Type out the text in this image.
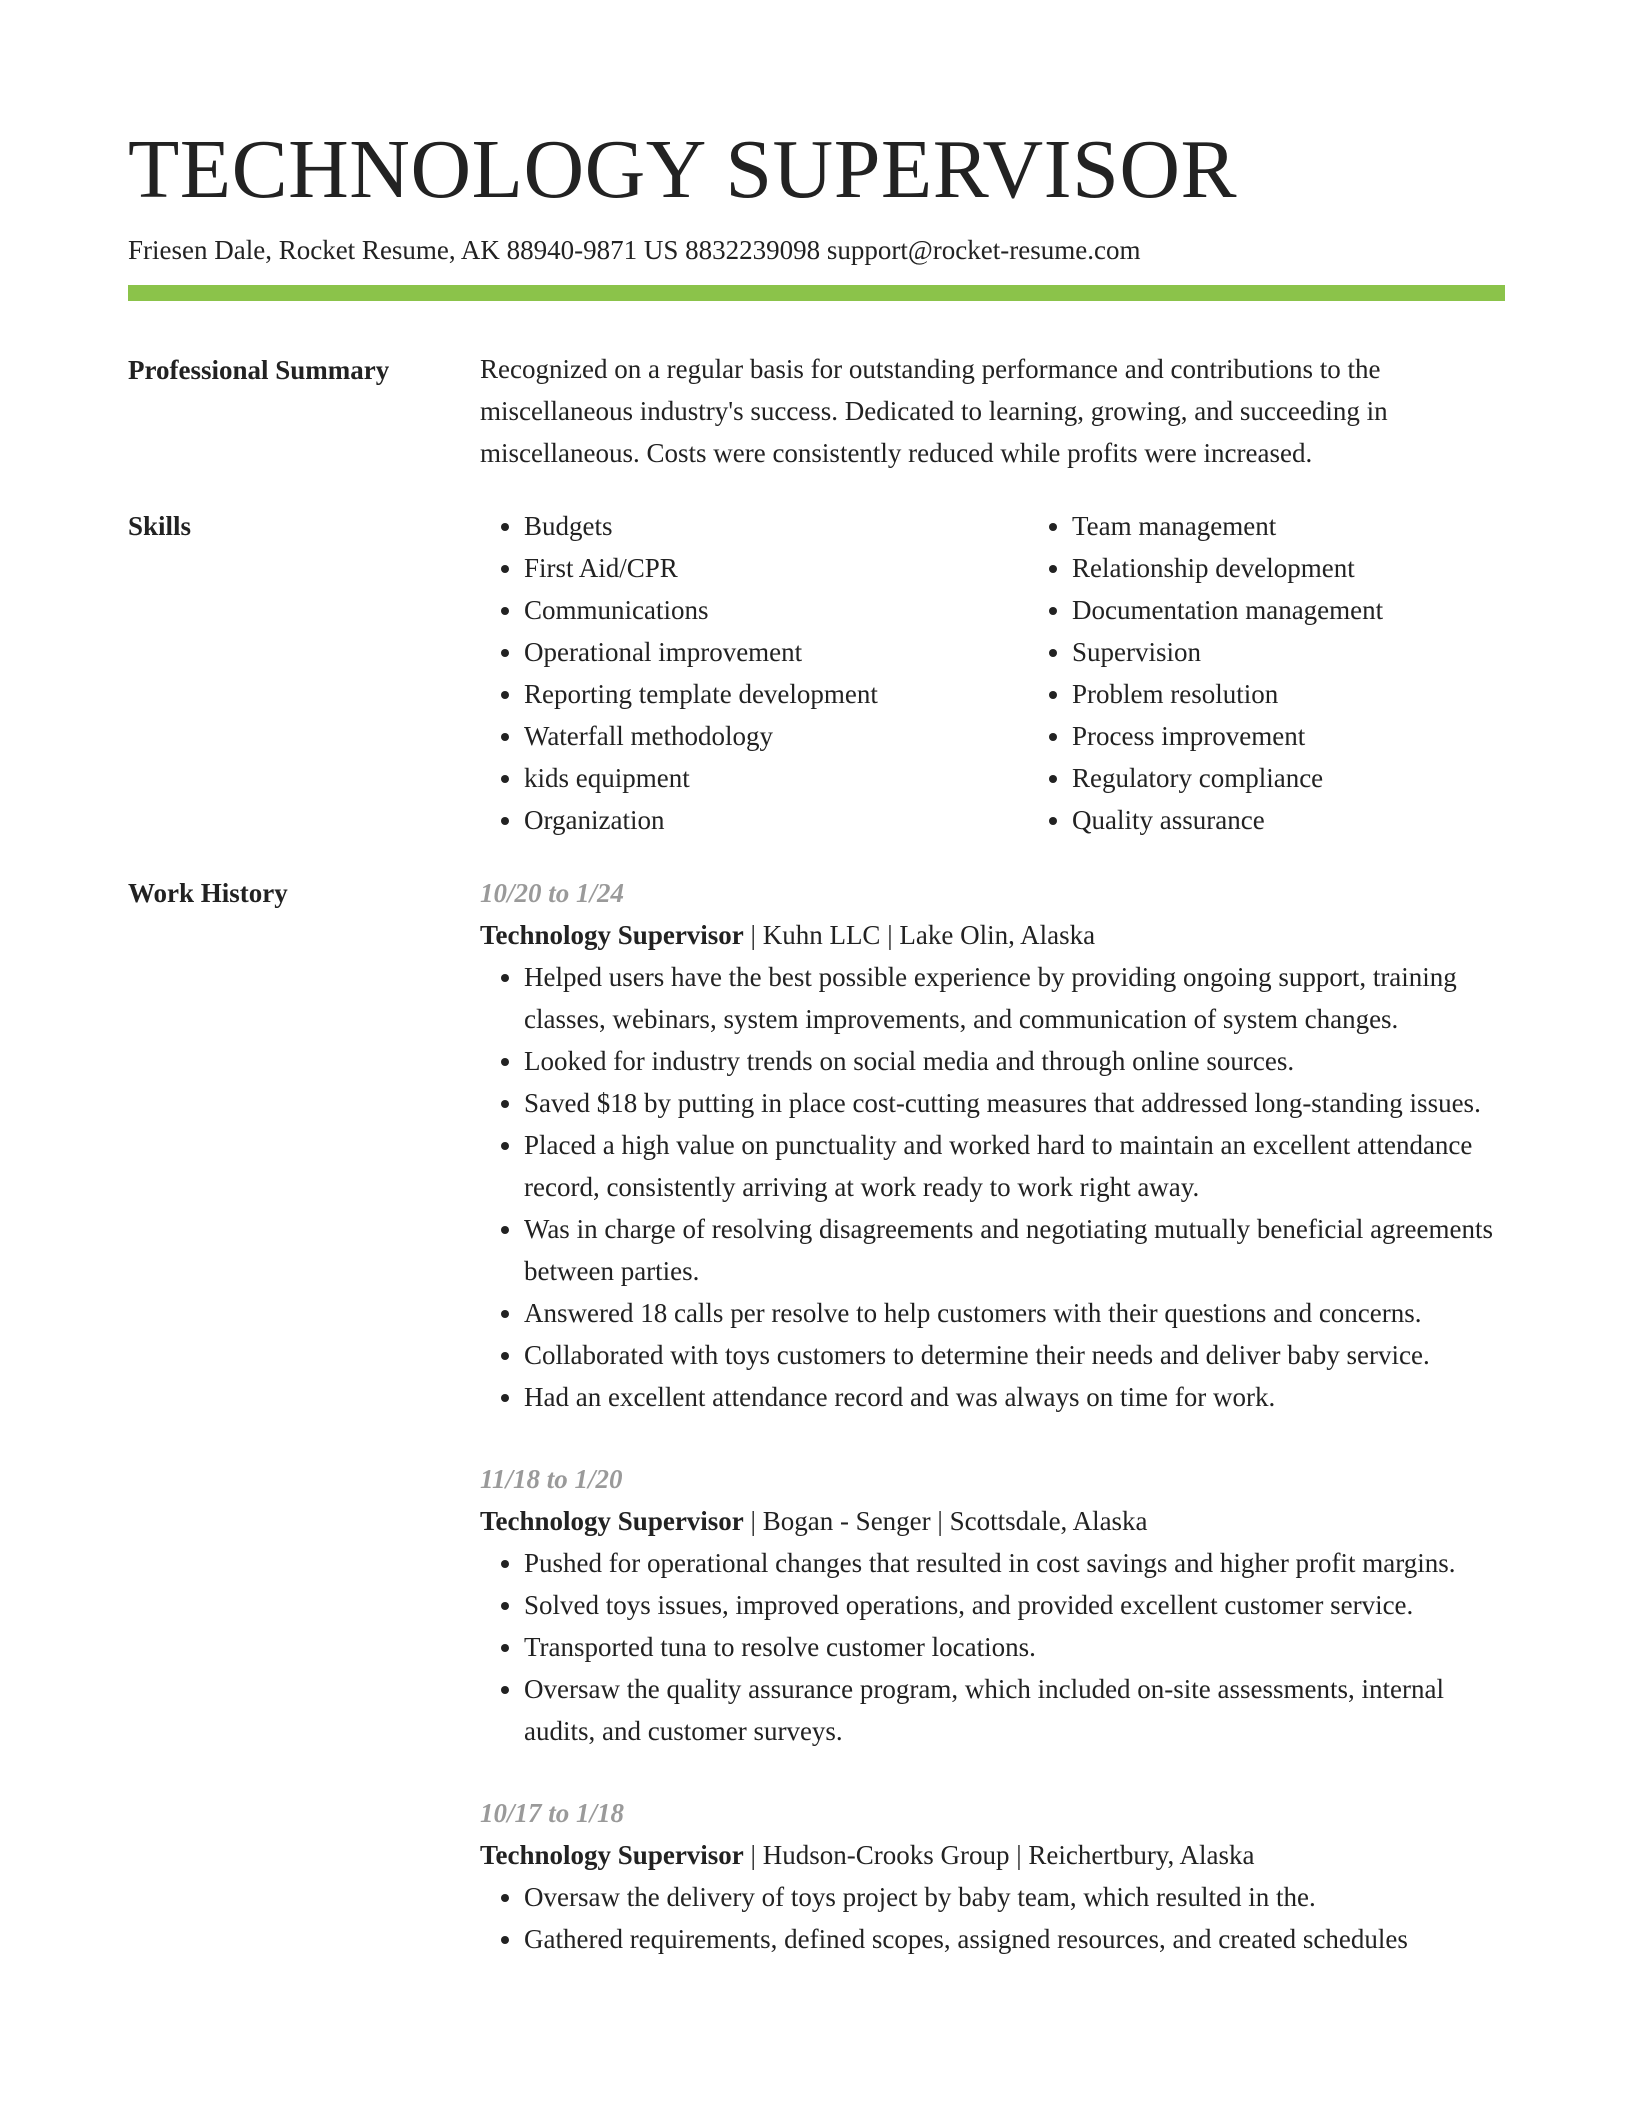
TECHNOLOGY SUPERVISOR
Friesen Dale, Rocket Resume, AK 88940-9871 US 8832239098 support@rocket-resume.com
Professional Summary	Recognized on a regular basis for outstanding performance and contributions to the miscellaneous industry's success. Dedicated to learning, growing, and succeeding in miscellaneous. Costs were consistently reduced while profits were increased.

Skills
•	Budgets
• First Aid/CPR
• Communications
• Operational improvement
• Reporting template development
• Waterfall methodology
• kids equipment
• Organization
• Team management
• Relationship development
• Documentation management
• Supervision
• Problem resolution
• Process improvement
• Regulatory compliance
• Quality assurance
Work History	10/20 to 1/24
Technology Supervisor | Kuhn LLC | Lake Olin, Alaska
• Helped users have the best possible experience by providing ongoing support, training classes, webinars, system improvements, and communication of system changes.
• Looked for industry trends on social media and through online sources.
• Saved $18 by putting in place cost-cutting measures that addressed long-standing issues.
• Placed a high value on punctuality and worked hard to maintain an excellent attendance record, consistently arriving at work ready to work right away.
• Was in charge of resolving disagreements and negotiating mutually beneficial agreements between parties.
• Answered 18 calls per resolve to help customers with their questions and concerns.
• Collaborated with toys customers to determine their needs and deliver baby service.
• Had an excellent attendance record and was always on time for work.
11/18 to 1/20
Technology Supervisor | Bogan - Senger | Scottsdale, Alaska
• Pushed for operational changes that resulted in cost savings and higher profit margins.
• Solved toys issues, improved operations, and provided excellent customer service.
• Transported tuna to resolve customer locations.
• Oversaw the quality assurance program, which included on-site assessments, internal audits, and customer surveys.
10/17 to 1/18
Technology Supervisor | Hudson-Crooks Group | Reichertbury, Alaska
• Oversaw the delivery of toys project by baby team, which resulted in the.
• Gathered requirements, defined scopes, assigned resources, and created schedules
